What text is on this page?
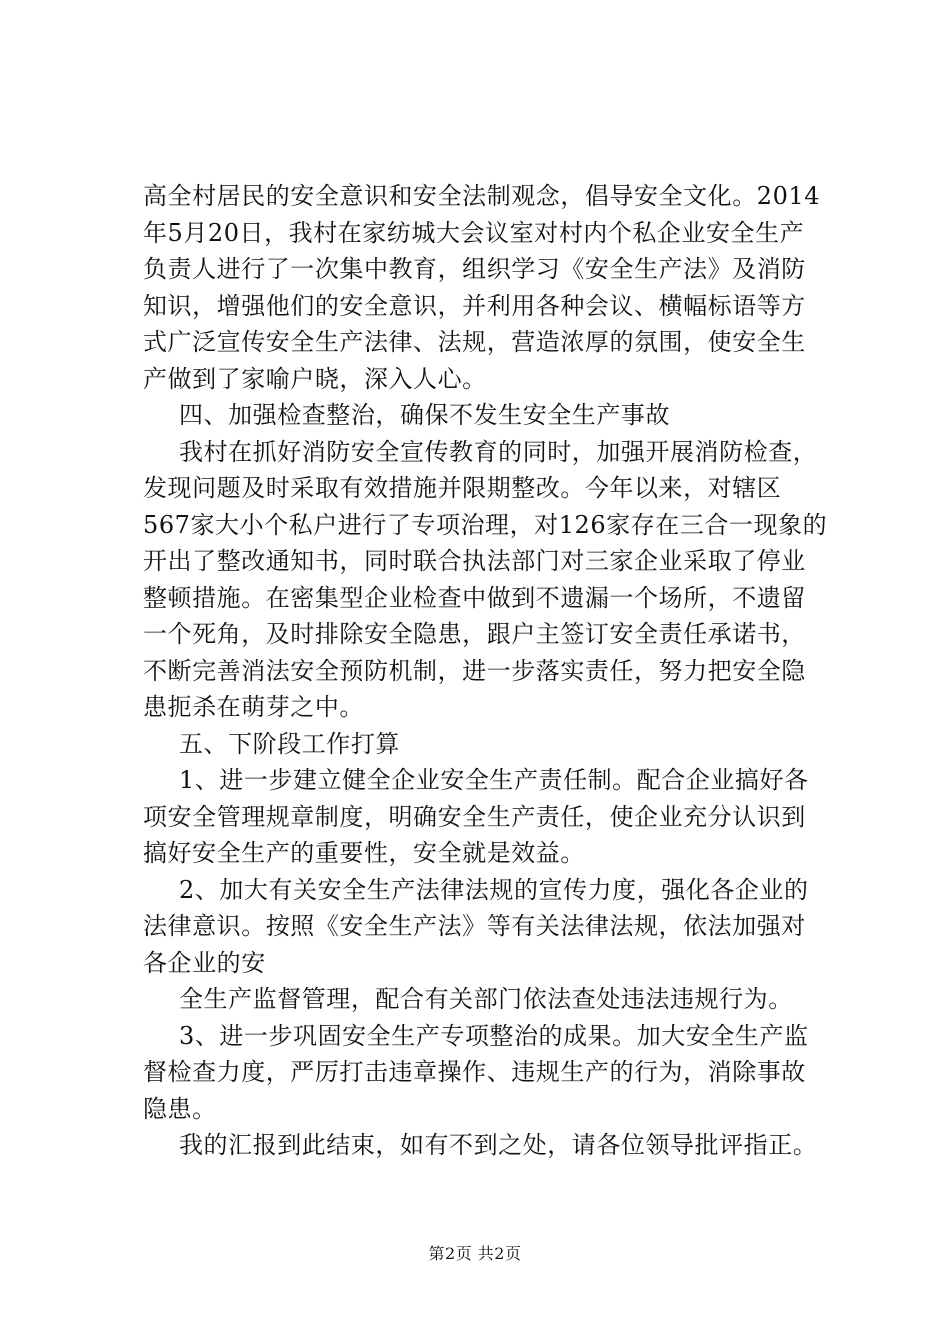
高全村居民的安全意识和安全法制观念，倡导安全文化。2014
年5月20日，我村在家纺城大会议室对村内个私企业安全生产
负责人进行了一次集中教育，组织学习《安全生产法》及消防
知识，增强他们的安全意识，并利用各种会议、横幅标语等方
式广泛宣传安全生产法律、法规，营造浓厚的氛围，使安全生
产做到了家喻户晓，深入人心。
四、加强检查整治，确保不发生安全生产事故
我村在抓好消防安全宣传教育的同时，加强开展消防检查，
发现问题及时采取有效措施并限期整改。今年以来，对辖区
567家大小个私户进行了专项治理，对126家存在三合一现象的
开出了整改通知书，同时联合执法部门对三家企业采取了停业
整顿措施。在密集型企业检查中做到不遗漏一个场所，不遗留
一个死角，及时排除安全隐患，跟户主签订安全责任承诺书，
不断完善消法安全预防机制，进一步落实责任，努力把安全隐
患扼杀在萌芽之中。
五、下阶段工作打算
1、进一步建立健全企业安全生产责任制。配合企业搞好各
项安全管理规章制度，明确安全生产责任，使企业充分认识到
搞好安全生产的重要性，安全就是效益。
2、加大有关安全生产法律法规的宣传力度，强化各企业的
法律意识。按照《安全生产法》等有关法律法规，依法加强对
各企业的安
全生产监督管理，配合有关部门依法查处违法违规行为。
3、进一步巩固安全生产专项整治的成果。加大安全生产监
督检查力度，严厉打击违章操作、违规生产的行为，消除事故
隐患。
我的汇报到此结束，如有不到之处，请各位领导批评指正。
第2页 共2页
